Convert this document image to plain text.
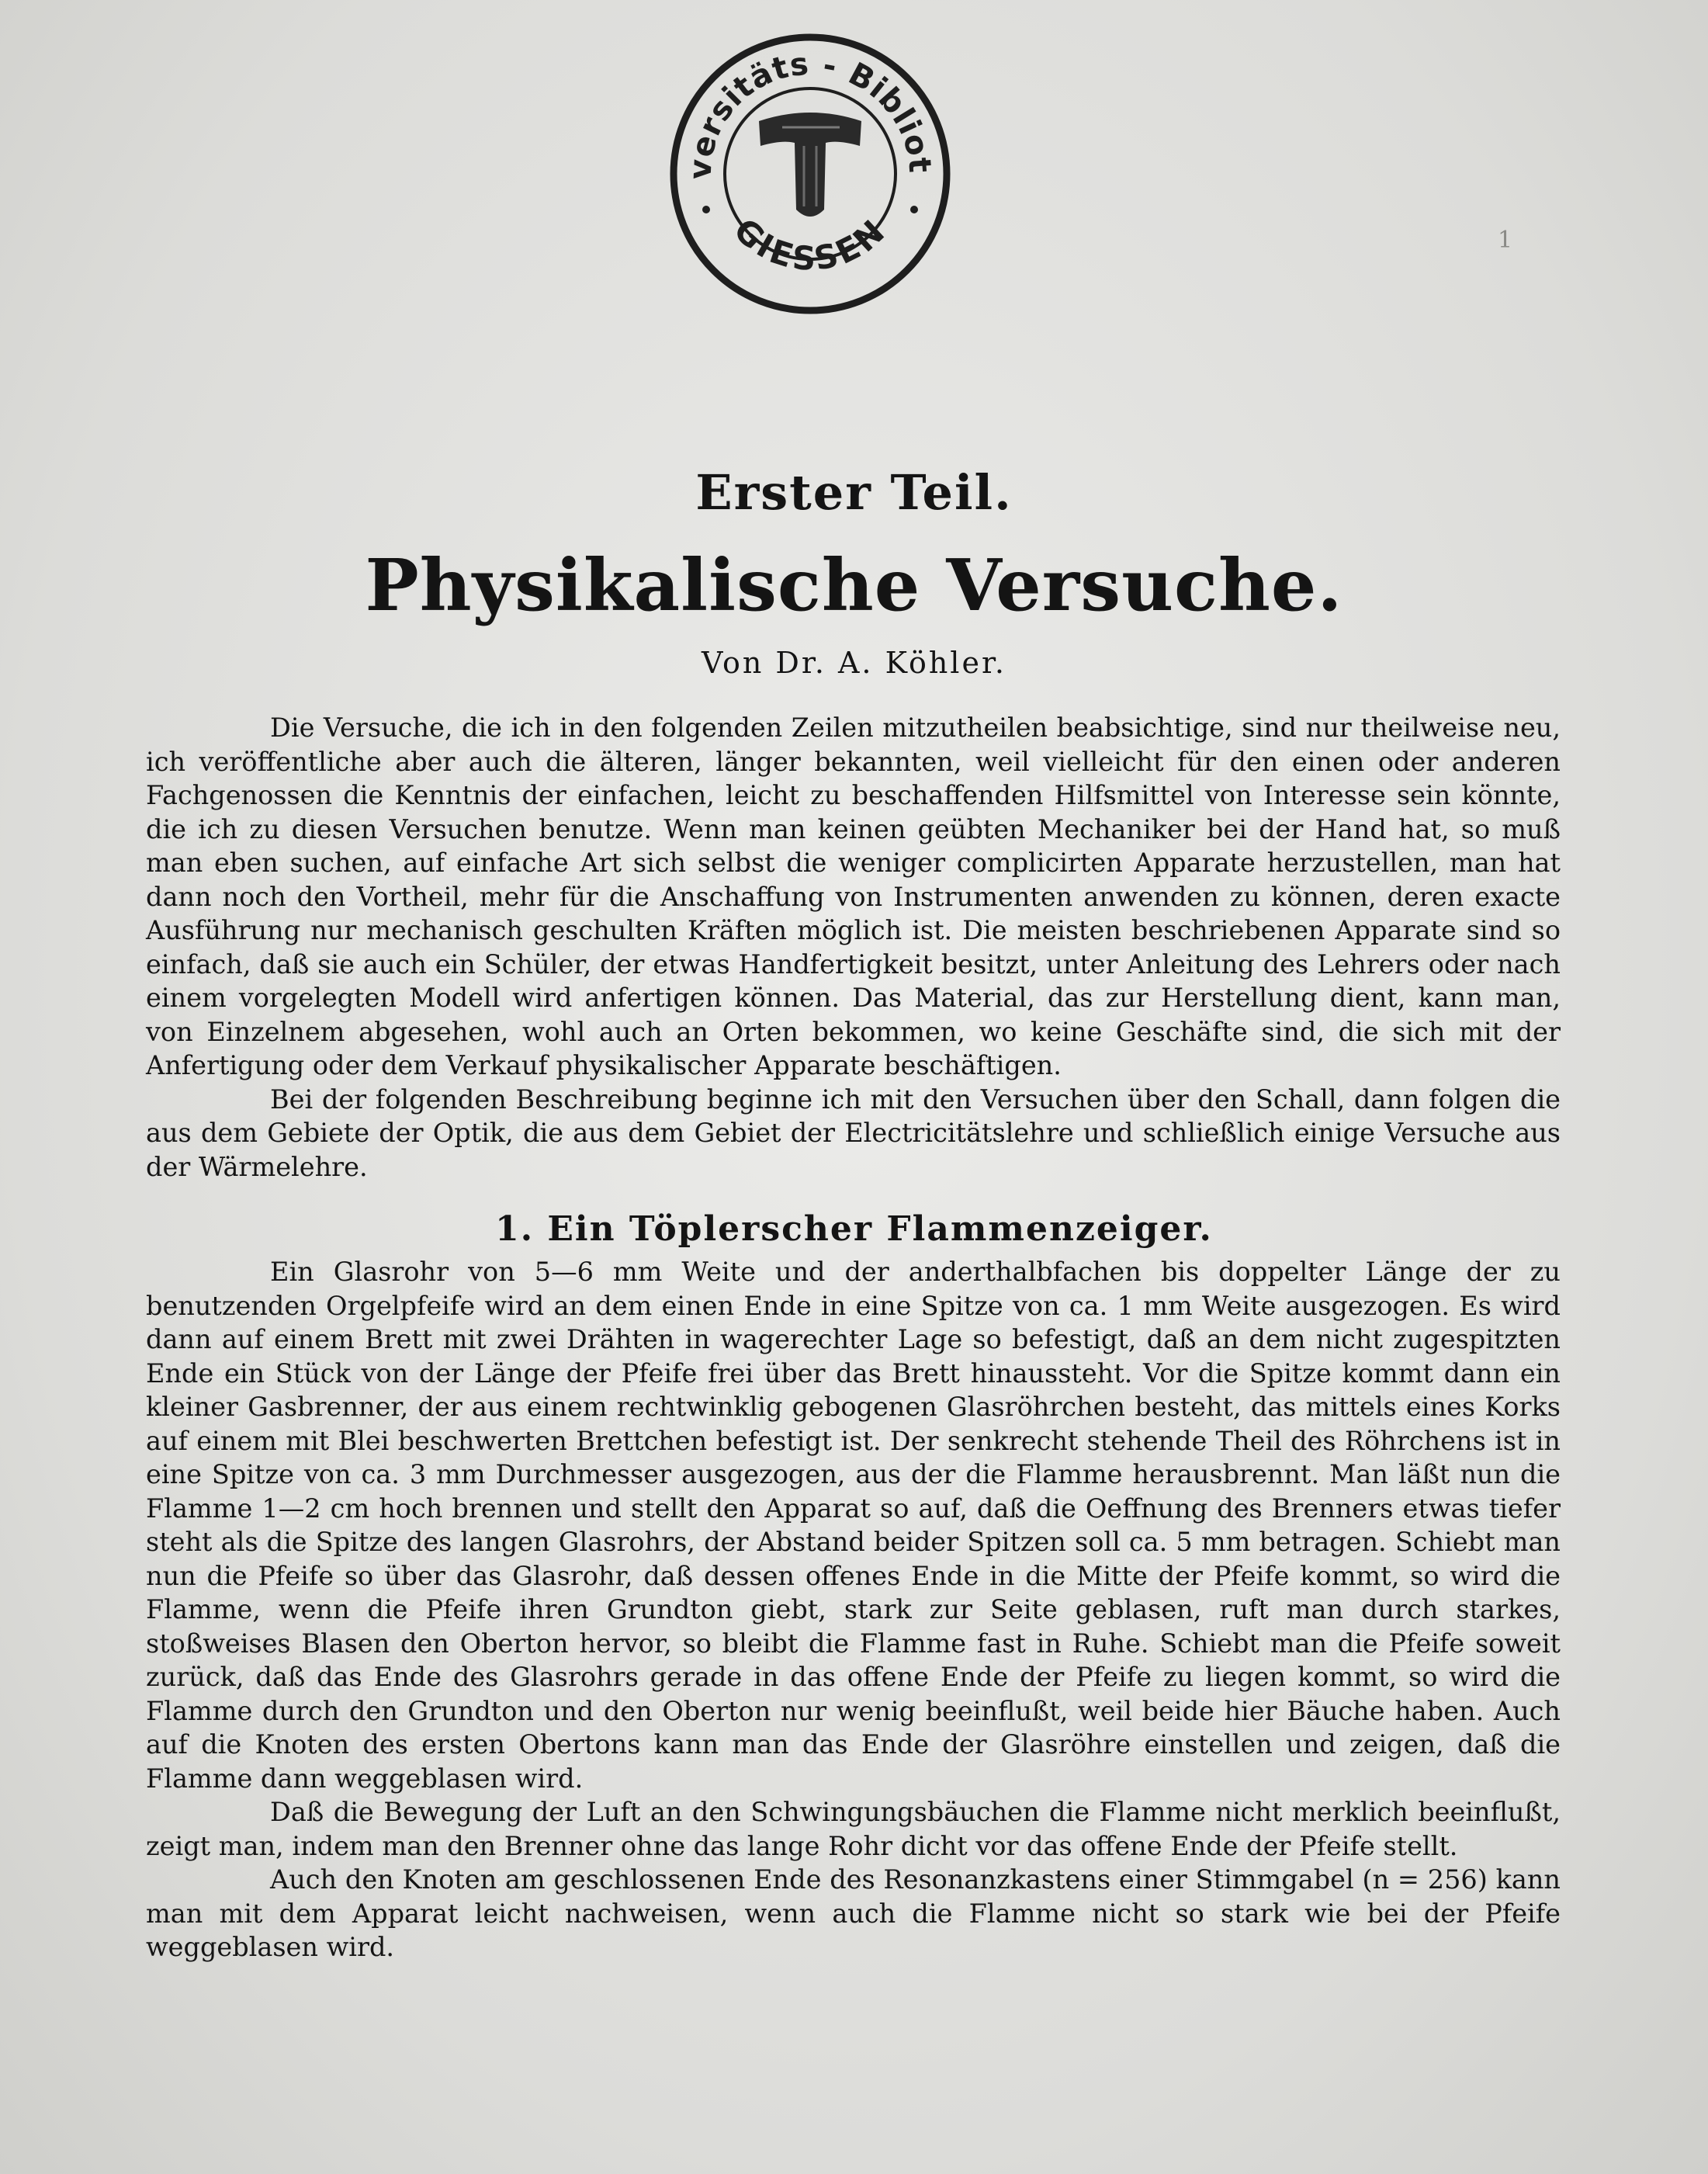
versitäts - Bibliot
GIESSEN	1
Erster Teil.
Physikalische Versuche.
Von Dr. A. Köhler.

Die Versuche, die ich in den folgenden Zeilen mitzutheilen beabsichtige, sind nur theilweise neu, ich veröffentliche aber auch die älteren, länger bekannten, weil vielleicht für den einen oder anderen Fachgenossen die Kenntnis der einfachen, leicht zu beschaffenden Hilfsmittel von Interesse sein könnte, die ich zu diesen Versuchen benutze. Wenn man keinen geübten Mechaniker bei der Hand hat, so muß man eben suchen, auf einfache Art sich selbst die weniger complicirten Apparate herzustellen, man hat dann noch den Vortheil, mehr für die Anschaffung von Instrumenten anwenden zu können, deren exacte Ausführung nur mechanisch geschulten Kräften möglich ist. Die meisten beschriebenen Apparate sind so einfach, daß sie auch ein Schüler, der etwas Handfertigkeit besitzt, unter Anleitung des Lehrers oder nach einem vorgelegten Modell wird anfertigen können. Das Material, das zur Herstellung dient, kann man, von Einzelnem abgesehen, wohl auch an Orten bekommen, wo keine Geschäfte sind, die sich mit der Anfertigung oder dem Verkauf physikalischer Apparate beschäftigen.

Bei der folgenden Beschreibung beginne ich mit den Versuchen über den Schall, dann folgen die aus dem Gebiete der Optik, die aus dem Gebiet der Electricitätslehre und schließlich einige Versuche aus der Wärmelehre.

1. Ein Töplerscher Flammenzeiger.

Ein Glasrohr von 5—6 mm Weite und der anderthalbfachen bis doppelter Länge der zu benutzenden Orgelpfeife wird an dem einen Ende in eine Spitze von ca. 1 mm Weite ausgezogen. Es wird dann auf einem Brett mit zwei Drähten in wagerechter Lage so befestigt, daß an dem nicht zugespitzten Ende ein Stück von der Länge der Pfeife frei über das Brett hinaussteht. Vor die Spitze kommt dann ein kleiner Gasbrenner, der aus einem rechtwinklig gebogenen Glasröhrchen besteht, das mittels eines Korks auf einem mit Blei beschwerten Brettchen befestigt ist. Der senkrecht stehende Theil des Röhrchens ist in eine Spitze von ca. 3 mm Durchmesser ausgezogen, aus der die Flamme herausbrennt. Man läßt nun die Flamme 1—2 cm hoch brennen und stellt den Apparat so auf, daß die Oeffnung des Brenners etwas tiefer steht als die Spitze des langen Glasrohrs, der Abstand beider Spitzen soll ca. 5 mm betragen. Schiebt man nun die Pfeife so über das Glasrohr, daß dessen offenes Ende in die Mitte der Pfeife kommt, so wird die Flamme, wenn die Pfeife ihren Grundton giebt, stark zur Seite geblasen, ruft man durch starkes, stoßweises Blasen den Oberton hervor, so bleibt die Flamme fast in Ruhe. Schiebt man die Pfeife soweit zurück, daß das Ende des Glasrohrs gerade in das offene Ende der Pfeife zu liegen kommt, so wird die Flamme durch den Grundton und den Oberton nur wenig beeinflußt, weil beide hier Bäuche haben. Auch auf die Knoten des ersten Obertons kann man das Ende der Glasröhre einstellen und zeigen, daß die Flamme dann weggeblasen wird.

Daß die Bewegung der Luft an den Schwingungsbäuchen die Flamme nicht merklich beeinflußt, zeigt man, indem man den Brenner ohne das lange Rohr dicht vor das offene Ende der Pfeife stellt.

Auch den Knoten am geschlossenen Ende des Resonanzkastens einer Stimmgabel (n = 256) kann man mit dem Apparat leicht nachweisen, wenn auch die Flamme nicht so stark wie bei der Pfeife weggeblasen wird.
